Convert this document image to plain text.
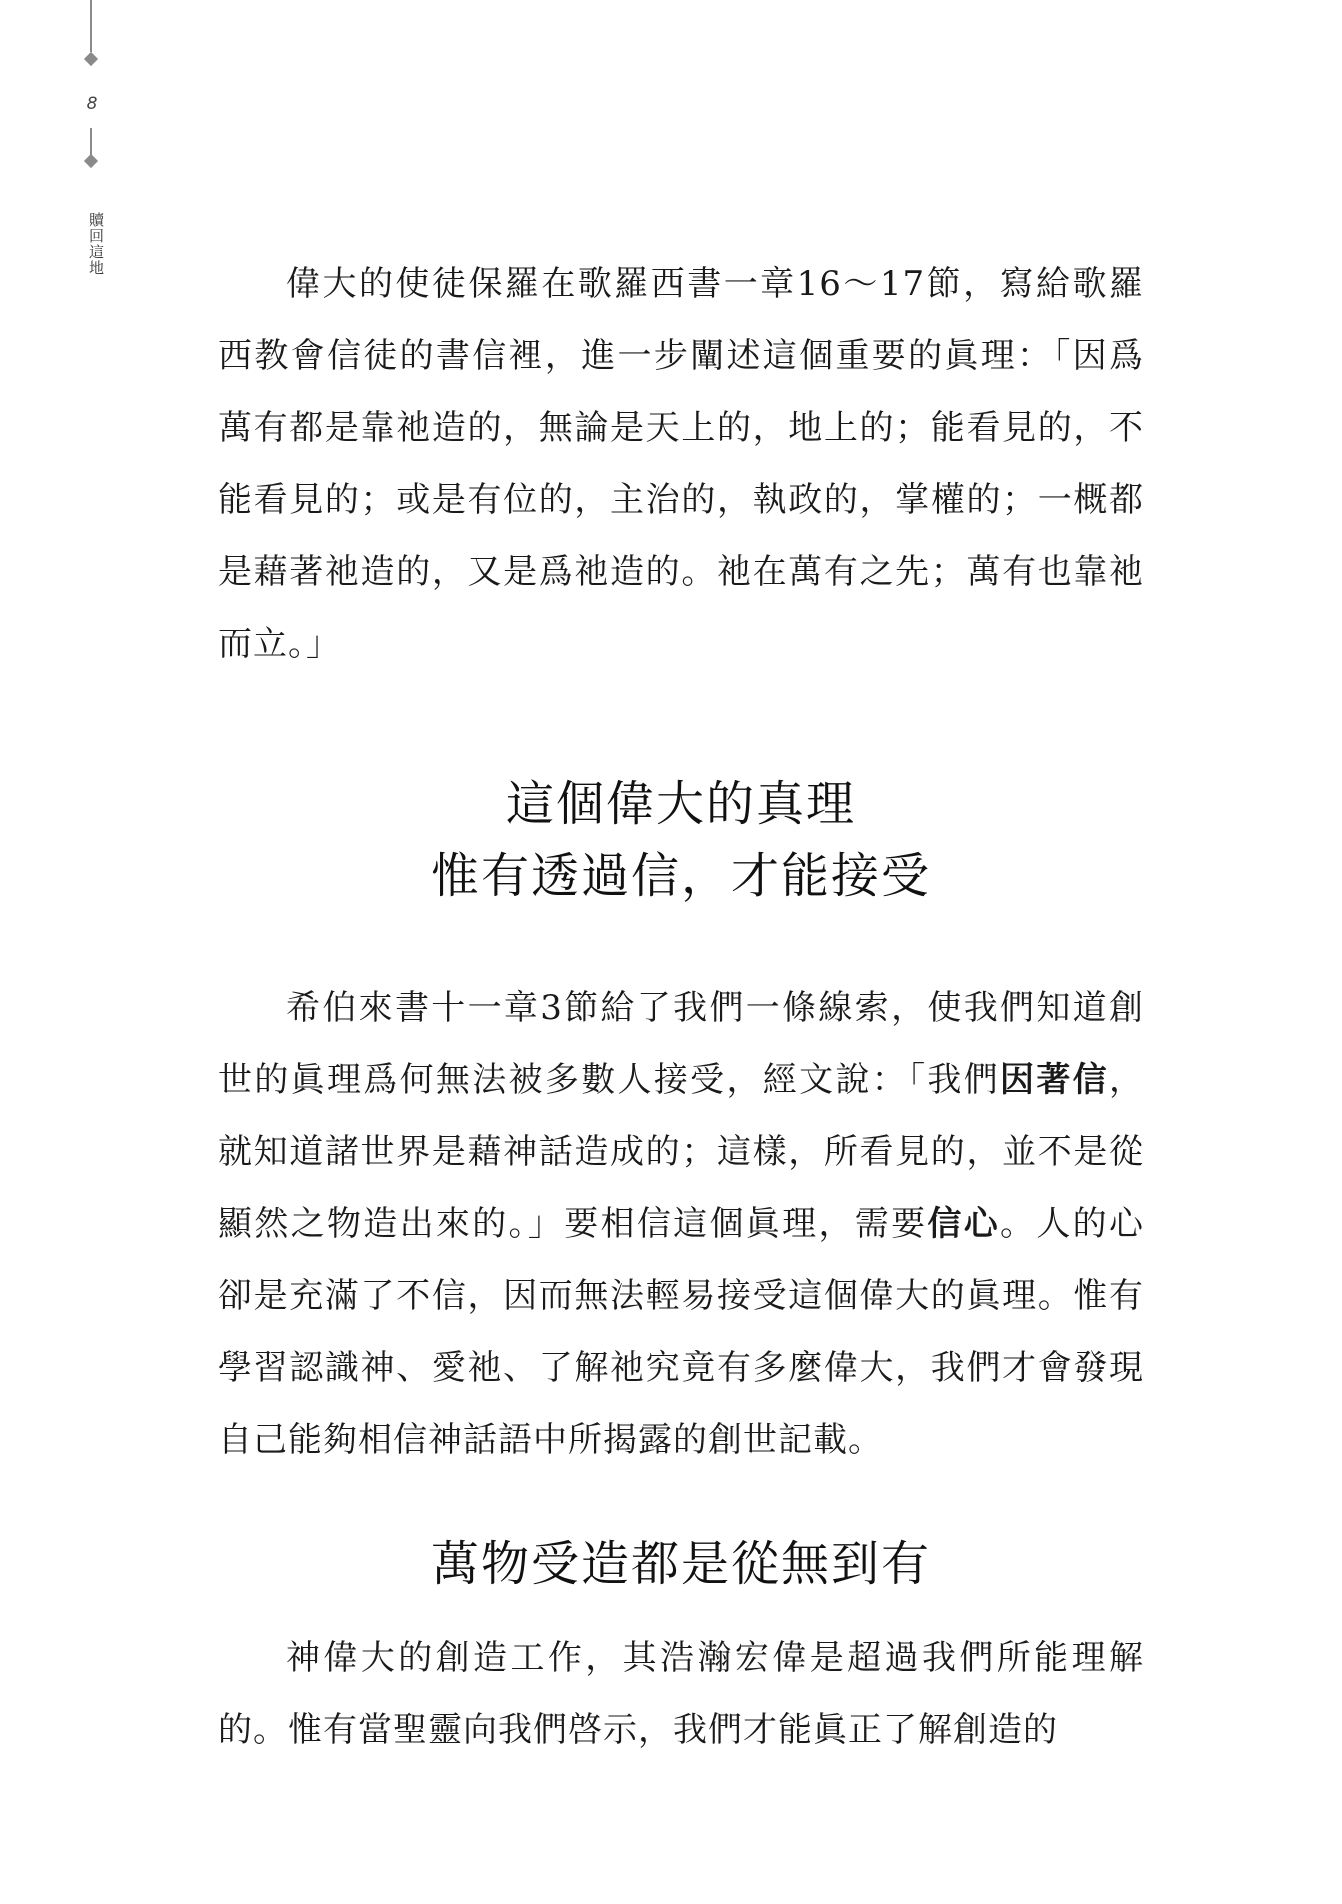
8
贖回這地

偉大的使徒保羅在歌羅西書一章16～17節，寫給歌羅西教會信徒的書信裡，進一步闡述這個重要的眞理：「因爲萬有都是靠祂造的，無論是天上的，地上的；能看見的，不能看見的；或是有位的，主治的，執政的，掌權的；一概都是藉著祂造的，又是爲祂造的。祂在萬有之先；萬有也靠祂而立。」

這個偉大的真理
惟有透過信，才能接受

希伯來書十一章3節給了我們一條線索，使我們知道創世的眞理爲何無法被多數人接受，經文說：「我們因著信，就知道諸世界是藉神話造成的；這樣，所看見的，並不是從顯然之物造出來的。」要相信這個眞理，需要信心。人的心卻是充滿了不信，因而無法輕易接受這個偉大的眞理。惟有學習認識神、愛祂、了解祂究竟有多麼偉大，我們才會發現自己能夠相信神話語中所揭露的創世記載。

萬物受造都是從無到有

神偉大的創造工作，其浩瀚宏偉是超過我們所能理解的。惟有當聖靈向我們啓示，我們才能眞正了解創造的
